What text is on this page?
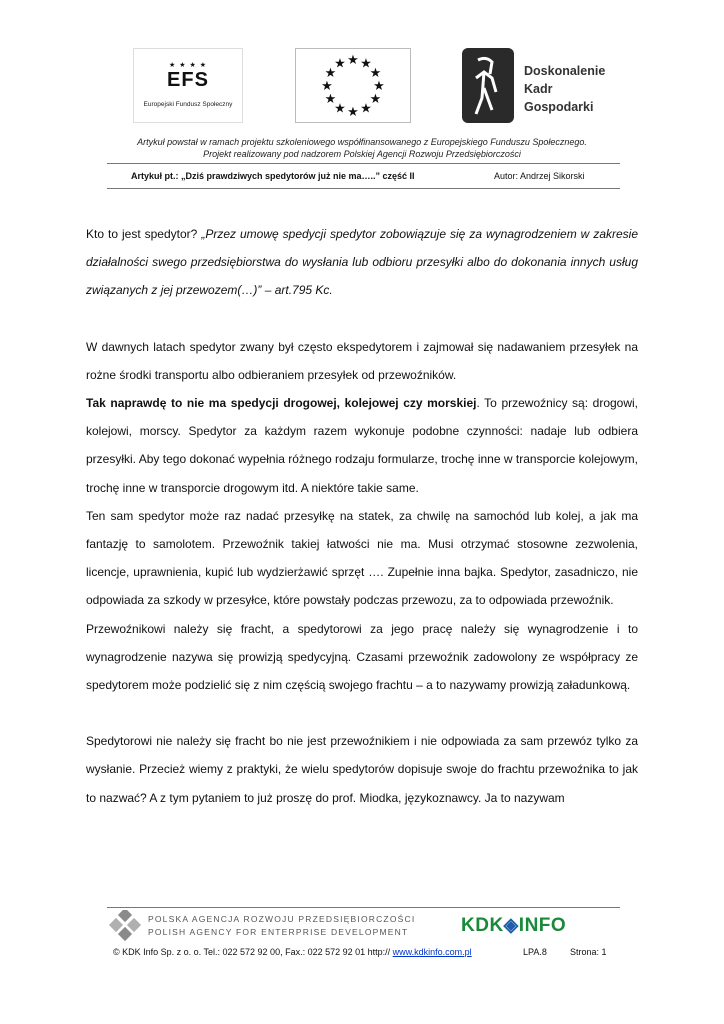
★ ★ ★ ★
EFS
Europejski Fundusz Społeczny
★ ★
★
★
★
★
★
★
★
★
★
★	Doskonalenie
Kadr
Gospodarki
Artykuł powstał w ramach projektu szkoleniowego współfinansowanego z Europejskiego Funduszu Społecznego.
Projekt realizowany pod nadzorem Polskiej Agencji Rozwoju Przedsiębiorczości
Artykuł pt.: „Dziś prawdziwych spedytorów już nie ma…..” część II	Autor: Andrzej Sikorski

Kto to jest spedytor? „Przez umowę spedycji spedytor zobowiązuje się za wynagrodzeniem w zakresie działalności swego przedsiębiorstwa do wysłania lub odbioru przesyłki albo do dokonania innych usług związanych z jej przewozem(…)” – art.795 Kc.

W dawnych latach spedytor zwany był często ekspedytorem i zajmował się nadawaniem przesyłek na rożne środki transportu albo odbieraniem przesyłek od przewoźników.

Tak naprawdę to nie ma spedycji drogowej, kolejowej czy morskiej. To przewoźnicy są: drogowi, kolejowi, morscy. Spedytor za każdym razem wykonuje podobne czynności: nadaje lub odbiera przesyłki. Aby tego dokonać wypełnia różnego rodzaju formularze, trochę inne w transporcie kolejowym, trochę inne w transporcie drogowym itd. A niektóre takie same.

Ten sam spedytor może raz nadać przesyłkę na statek, za chwilę na samochód lub kolej, a jak ma fantazję to samolotem. Przewoźnik takiej łatwości nie ma. Musi otrzymać stosowne zezwolenia, licencje, uprawnienia, kupić lub wydzierżawić sprzęt …. Zupełnie inna bajka. Spedytor, zasadniczo, nie odpowiada za szkody w przesyłce, które powstały podczas przewozu, za to odpowiada przewoźnik.

Przewoźnikowi należy się fracht, a spedytorowi za jego pracę należy się wynagrodzenie i to wynagrodzenie nazywa się prowizją spedycyjną. Czasami przewoźnik zadowolony ze współpracy ze spedytorem może podzielić się z nim częścią swojego frachtu – a to nazywamy prowizją załadunkową.

Spedytorowi nie należy się fracht bo nie jest przewoźnikiem i nie odpowiada za sam przewóz tylko za wysłanie. Przecież wiemy z praktyki, że wielu spedytorów dopisuje swoje do frachtu przewoźnika to jak to nazwać? A z tym pytaniem to już proszę do prof. Miodka, językoznawcy. Ja to nazywam

POLSKA AGENCJA ROZWOJU PRZEDSIĘBIORCZOŚCI
POLISH AGENCY FOR ENTERPRISE DEVELOPMENT	KDK◈INFO
© KDK Info Sp. z o. o. Tel.: 022 572 92 00, Fax.: 022 572 92 01 http:// www.kdkinfo.com.pl	LPA.8	Strona: 1
